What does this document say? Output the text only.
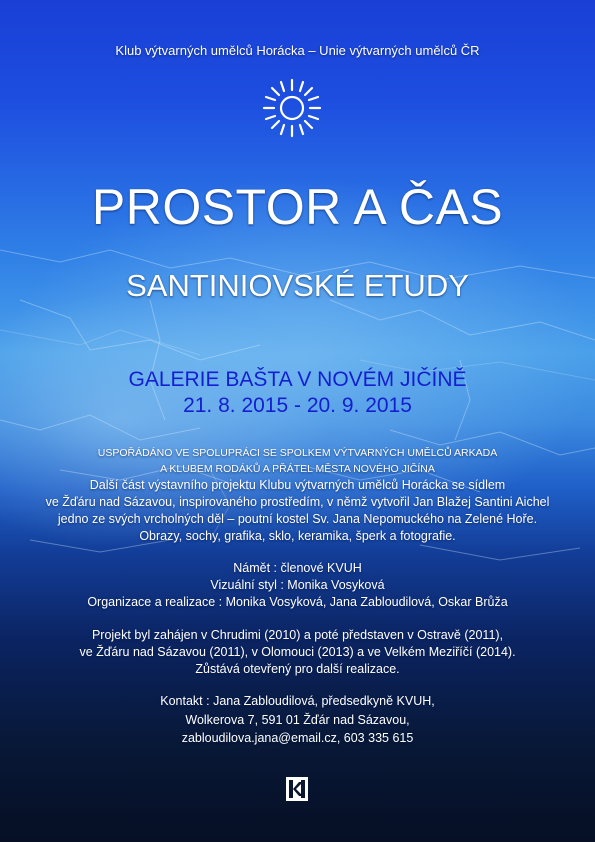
Klub výtvarných umělců Horácka – Unie výtvarných umělců ČR
PROSTOR A ČAS
SANTINIOVSKÉ ETUDY
GALERIE BAŠTA V NOVÉM JIČÍNĚ
21. 8. 2015 - 20. 9. 2015
USPOŘÁDÁNO VE SPOLUPRÁCI SE SPOLKEM VÝTVARNÝCH UMĚLCŮ ARKADA
A KLUBEM RODÁKŮ A PŘÁTEL MĚSTA NOVÉHO JIČÍNA
Další část výstavního projektu Klubu výtvarných umělců Horácka se sídlem
ve Žďáru nad Sázavou, inspirovaného prostředím, v němž vytvořil Jan Blažej Santini Aichel
jedno ze svých vrcholných děl – poutní kostel Sv. Jana Nepomuckého na Zelené Hoře.
Obrazy, sochy, grafika, sklo, keramika, šperk a fotografie.
Námět : členové KVUH
Vizuální styl : Monika Vosyková
Organizace a realizace : Monika Vosyková, Jana Zabloudilová, Oskar Brůža
Projekt byl zahájen v Chrudimi (2010) a poté představen v Ostravě (2011),
ve Žďáru nad Sázavou (2011), v Olomouci (2013) a ve Velkém Meziříčí (2014).
Zůstává otevřený pro další realizace.
Kontakt : Jana Zabloudilová, předsedkyně KVUH,
Wolkerova 7, 591 01 Žďár nad Sázavou,
zabloudilova.jana@email.cz, 603 335 615
